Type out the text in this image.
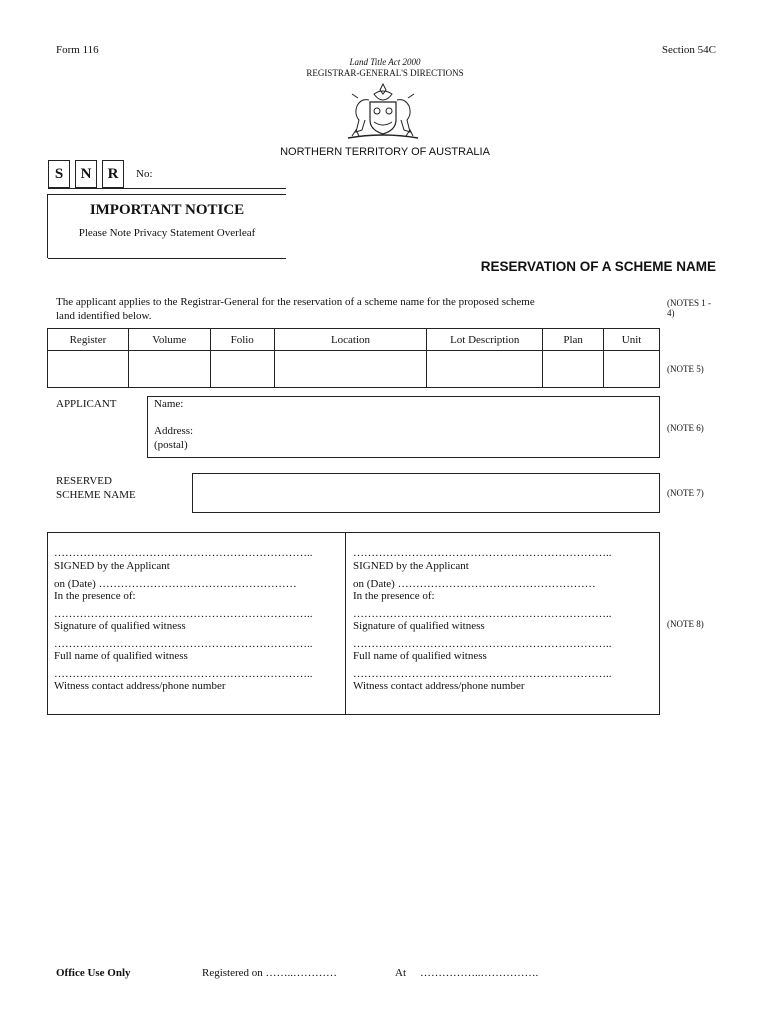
Form 116	Section 54C
Land Title Act 2000
REGISTRAR-GENERAL'S DIRECTIONS
NORTHERN TERRITORY OF AUSTRALIA
S	N	R	No:
IMPORTANT NOTICE
Please Note Privacy Statement Overleaf
RESERVATION OF A SCHEME NAME
The applicant applies to the Registrar-General for the reservation of a scheme name for the proposed scheme
land identified below.
(NOTES 1 -
4)
Register	Volume	Folio	Location	Lot Description	Plan	Unit

(NOTE 5)
APPLICANT	Name:
Address:
(postal)
(NOTE 6)
RESERVED
SCHEME NAME	(NOTE 7)
……………………………………………………………..
SIGNED by the Applicant
on (Date) ………………………………………………
In the presence of:
……………………………………………………………..
Signature of qualified witness
……………………………………………………………..
Full name of qualified witness
……………………………………………………………..
Witness contact address/phone number
……………………………………………………………..
SIGNED by the Applicant
on (Date) ………………………………………………
In the presence of:
……………………………………………………………..
Signature of qualified witness
……………………………………………………………..
Full name of qualified witness
……………………………………………………………..
Witness contact address/phone number
(NOTE 8)
Office Use Only	Registered on ……..…………	At ……………..…………….
